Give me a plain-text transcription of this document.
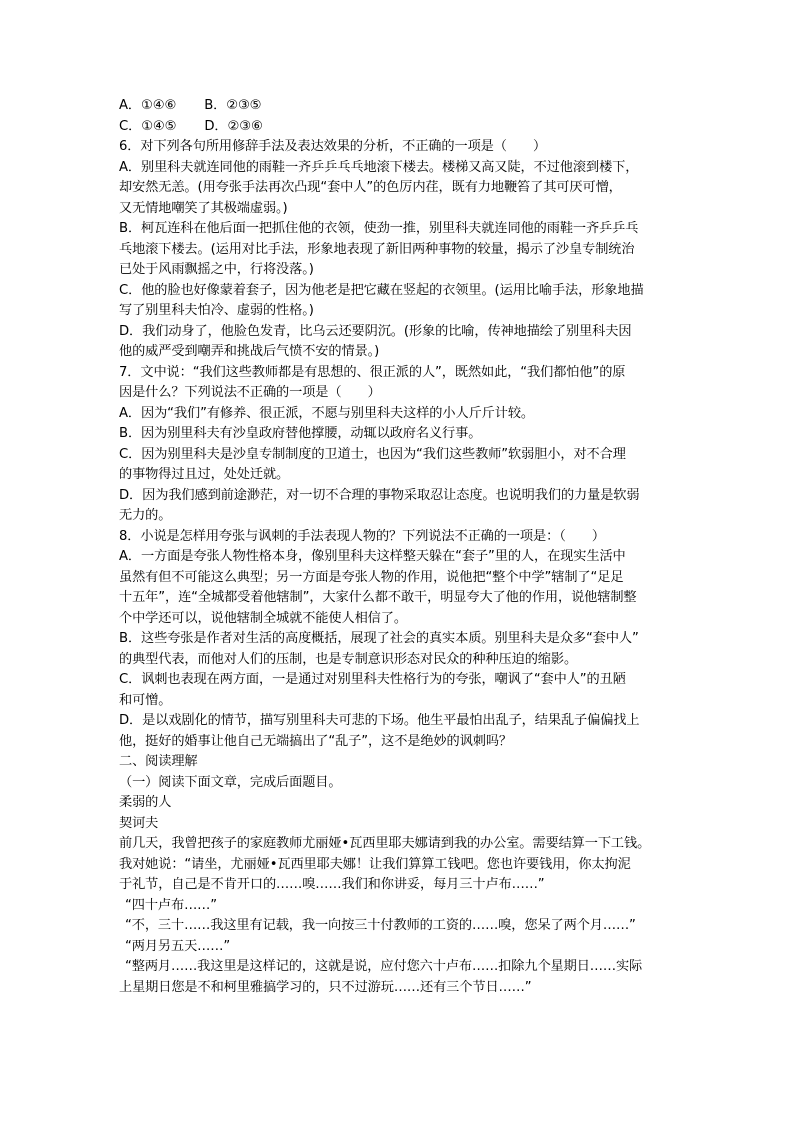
A．①④⑥ B．②③⑤
C．①④⑤ D．②③⑥
6．对下列各句所用修辞手法及表达效果的分析，不正确的一项是（　　）
A．别里科夫就连同他的雨鞋一齐乒乒乓乓地滚下楼去。楼梯又高又陡，不过他滚到楼下，
却安然无恙。(用夸张手法再次凸现“套中人”的色厉内荏，既有力地鞭笞了其可厌可憎，
又无情地嘲笑了其极端虚弱。)
B．柯瓦连科在他后面一把抓住他的衣领，使劲一推，别里科夫就连同他的雨鞋一齐乒乒乓
乓地滚下楼去。(运用对比手法，形象地表现了新旧两种事物的较量，揭示了沙皇专制统治
已处于风雨飘摇之中，行将没落。)
C．他的脸也好像蒙着套子，因为他老是把它藏在竖起的衣领里。(运用比喻手法，形象地描
写了别里科夫怕冷、虚弱的性格。)
D．我们动身了，他脸色发青，比乌云还要阴沉。(形象的比喻，传神地描绘了别里科夫因
他的威严受到嘲弄和挑战后气愤不安的情景。)
7．文中说：“我们这些教师都是有思想的、很正派的人”，既然如此，“我们都怕他”的原
因是什么？下列说法不正确的一项是（　　）
A．因为“我们”有修养、很正派，不愿与别里科夫这样的小人斤斤计较。
B．因为别里科夫有沙皇政府替他撑腰，动辄以政府名义行事。
C．因为别里科夫是沙皇专制制度的卫道士，也因为“我们这些教师”软弱胆小，对不合理
的事物得过且过，处处迁就。
D．因为我们感到前途渺茫，对一切不合理的事物采取忍让态度。也说明我们的力量是软弱
无力的。
8．小说是怎样用夸张与讽刺的手法表现人物的？下列说法不正确的一项是：（　　）
A．一方面是夸张人物性格本身，像别里科夫这样整天躲在“套子”里的人，在现实生活中
虽然有但不可能这么典型；另一方面是夸张人物的作用，说他把“整个中学”辖制了“足足
十五年”，连“全城都受着他辖制”，大家什么都不敢干，明显夸大了他的作用，说他辖制整
个中学还可以，说他辖制全城就不能使人相信了。
B．这些夸张是作者对生活的高度概括，展现了社会的真实本质。别里科夫是众多“套中人”
的典型代表，而他对人们的压制，也是专制意识形态对民众的种种压迫的缩影。
C．讽刺也表现在两方面，一是通过对别里科夫性格行为的夸张，嘲讽了“套中人”的丑陋
和可憎。
D．是以戏剧化的情节，描写别里科夫可悲的下场。他生平最怕出乱子，结果乱子偏偏找上
他，挺好的婚事让他自己无端搞出了“乱子”，这不是绝妙的讽刺吗？
二、阅读理解
（一）阅读下面文章，完成后面题目。
柔弱的人
契诃夫
前几天，我曾把孩子的家庭教师尤丽娅•瓦西里耶夫娜请到我的办公室。需要结算一下工钱。
我对她说：“请坐，尤丽娅•瓦西里耶夫娜！让我们算算工钱吧。您也许要钱用，你太拘泥
于礼节，自己是不肯开口的……嗅……我们和你讲妥，每月三十卢布……”
“四十卢布……”
“不，三十……我这里有记载，我一向按三十付教师的工资的……嗅，您呆了两个月……”
“两月另五天……”
“整两月……我这里是这样记的，这就是说，应付您六十卢布……扣除九个星期日……实际
上星期日您是不和柯里雅搞学习的，只不过游玩……还有三个节日……”
